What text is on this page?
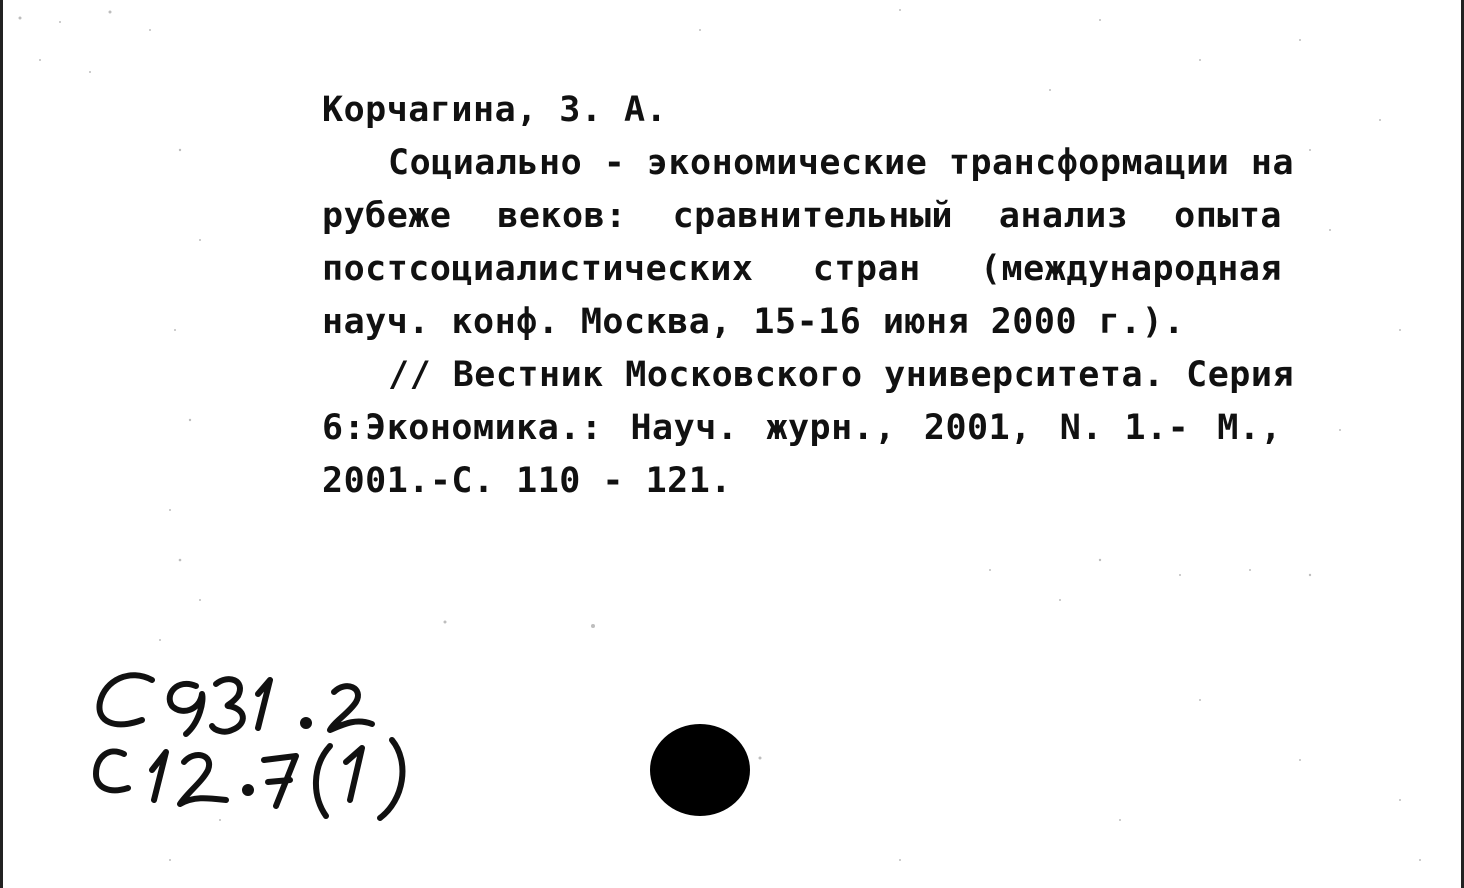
Корчагина, З. А.
Социально - экономические трансформации на
рубеже веков: сравнительный анализ опыта
постсоциалистических стран (международная
науч. конф. Москва, 15-16 июня 2000 г.).
// Вестник Московского университета. Серия
6:Экономика.: Науч. журн., 2001, N. 1.- М.,
2001.-С. 110 - 121.
